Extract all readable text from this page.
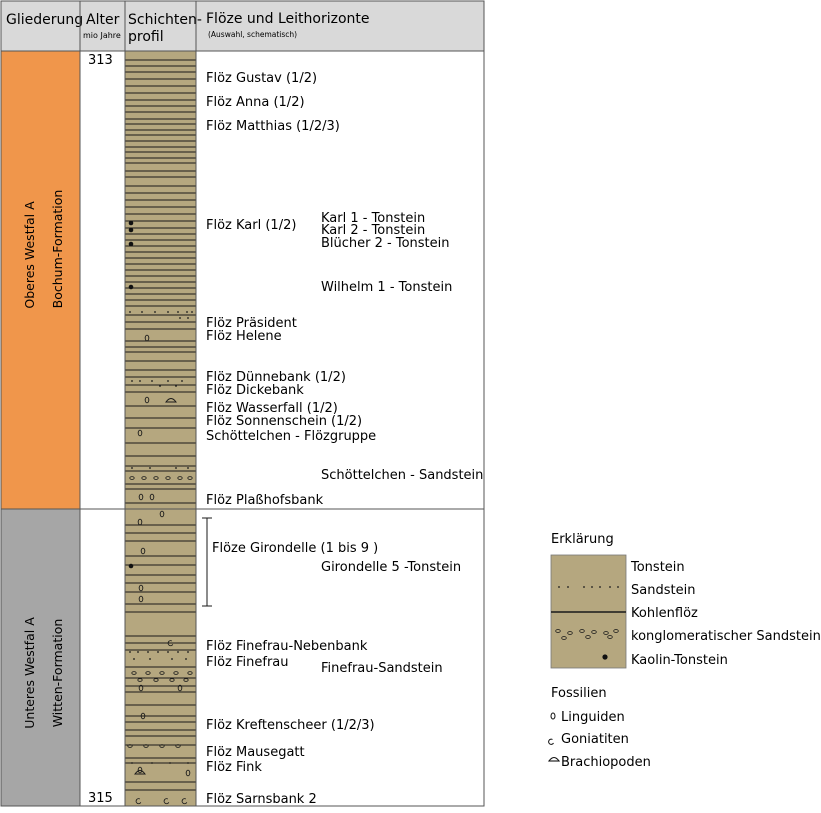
Gliederung Alter
mio Jahre
Schichten-
profil
Flöze und Leithorizonte
(Auswahl, schematisch)
Oberes Westfal A Bochum-Formation
Unteres Westfal A Witten-Formation
313
315
Flöz Gustav (1/2)
Flöz Anna (1/2)
Flöz Matthias (1/2/3)
Flöz Karl (1/2)
Flöz Präsident
Flöz Helene
Flöz Dünnebank (1/2)
Flöz Dickebank
Flöz Wasserfall (1/2)
Flöz Sonnenschein (1/2)
Schöttelchen - Flözgruppe
Flöz Plaßhofsbank
Flöze Girondelle (1 bis 9 )
Flöz Finefrau-Nebenbank
Flöz Finefrau
Flöz Kreftenscheer (1/2/3)
Flöz Mausegatt
Flöz Fink
Flöz Sarnsbank 2
Karl 1 - Tonstein
Karl 2 - Tonstein
Blücher 2 - Tonstein
Wilhelm 1 - Tonstein
Schöttelchen - Sandstein
Girondelle 5 -Tonstein
Finefrau-Sandstein
Erklärung
Tonstein
Sandstein
Kohlenflöz
konglomeratischer Sandstein
Kaolin-Tonstein
Fossilien
Linguiden
Goniatiten
Brachiopoden
